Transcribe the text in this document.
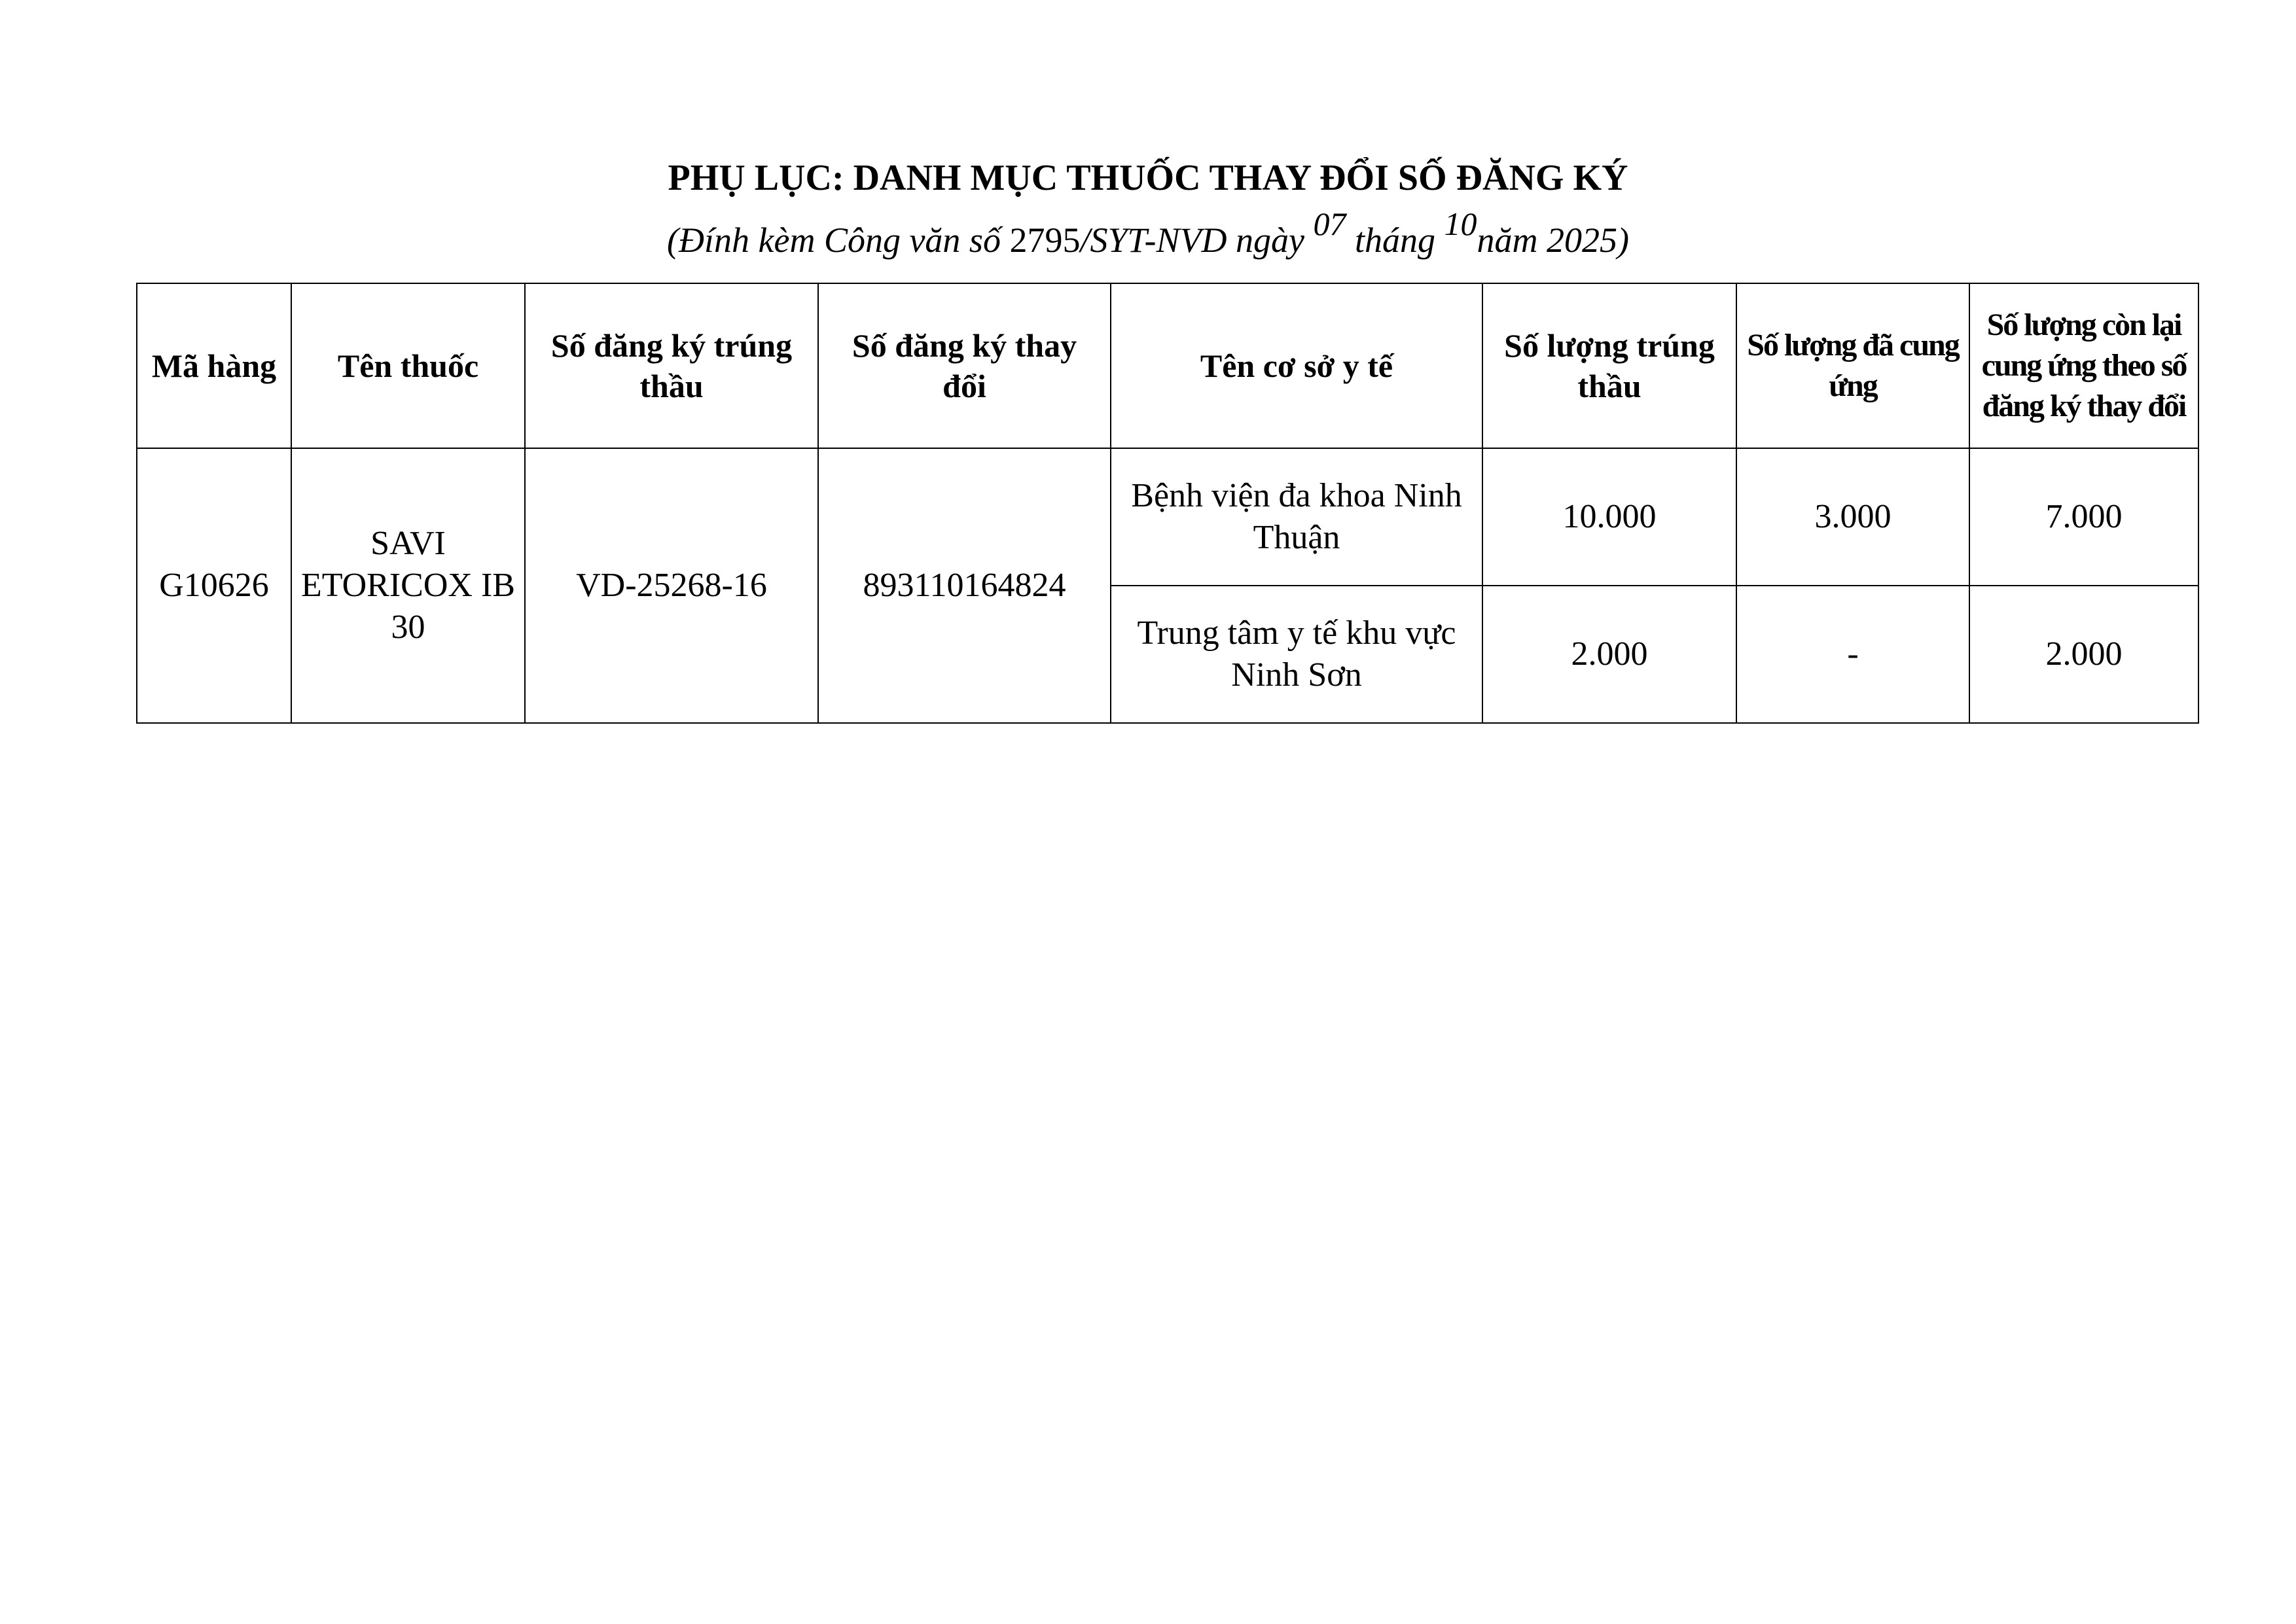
PHỤ LỤC: DANH MỤC THUỐC THAY ĐỔI SỐ ĐĂNG KÝ
(Đính kèm Công văn số 2795/SYT-NVD ngày 07 tháng 10năm 2025)
Mã hàng	Tên thuốc	Số đăng ký trúng thầu	Số đăng ký thay đổi	Tên cơ sở y tế	Số lượng trúng thầu	Số lượng đã cung ứng	Số lượng còn lại cung ứng theo số đăng ký thay đổi
G10626	SAVI ETORICOX IB 30	VD-25268-16	893110164824	Bệnh viện đa khoa Ninh Thuận	10.000	3.000	7.000
				Trung tâm y tế khu vực Ninh Sơn	2.000	-	2.000
